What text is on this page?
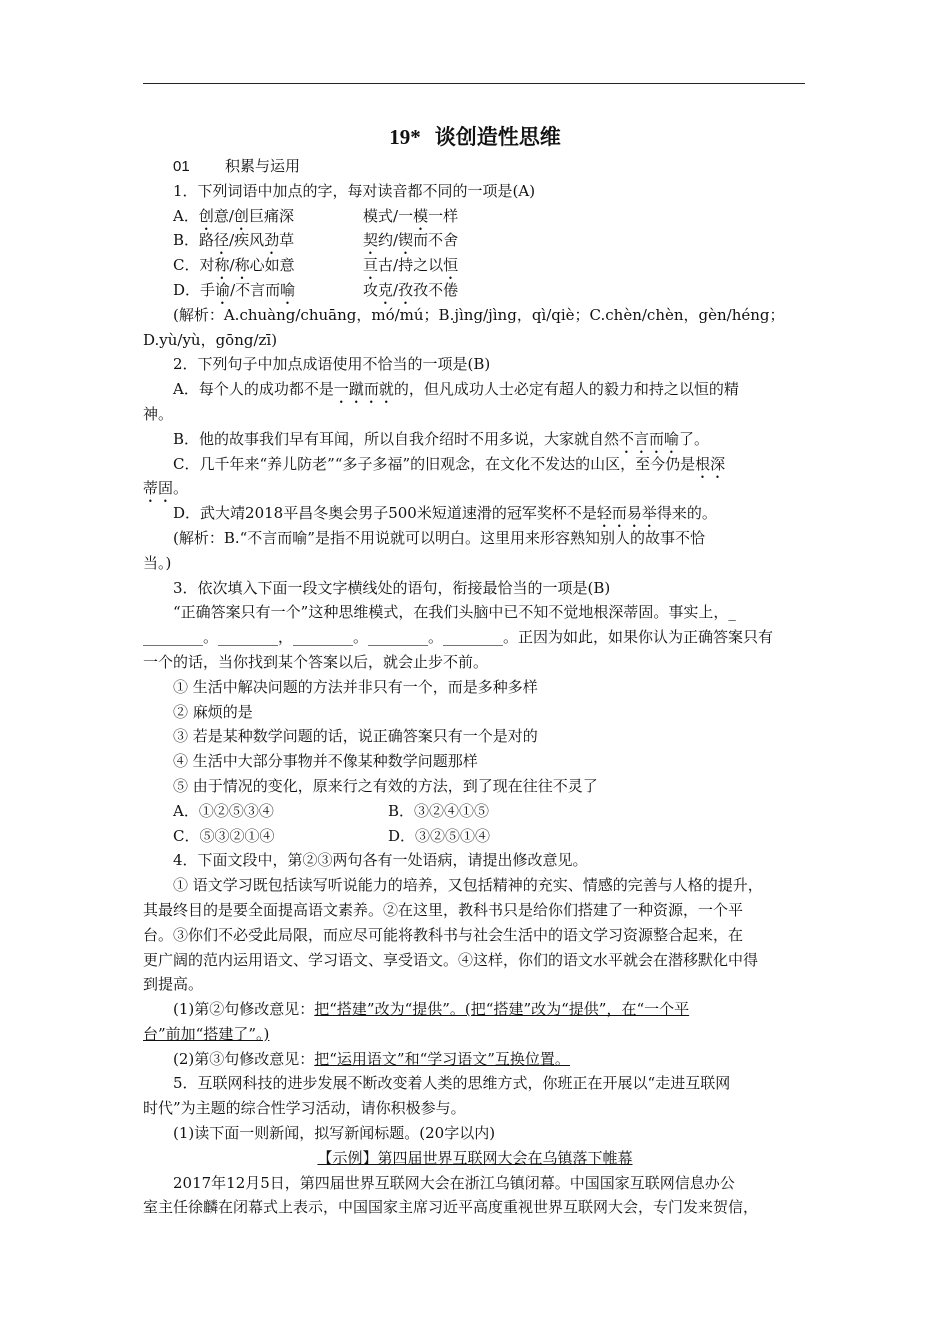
19* 谈创造性思维
01 积累与运用
1．下列词语中加点的字，每对读音都不同的一项是(A)
A．创意/创巨痛深	模式/一模一样
B．路径/疾风劲草	契约/锲而不舍
C．对称/称心如意	亘古/持之以恒
D．手谕/不言而喻	攻克/孜孜不倦
(解析：A.chuàng/chuāng，mó/mú；B.jìng/jìng，qì/qiè；C.chèn/chèn，gèn/héng；
D.yù/yù，gōng/zī)
2．下列句子中加点成语使用不恰当的一项是(B)
A．每个人的成功都不是一蹴而就的，但凡成功人士必定有超人的毅力和持之以恒的精
神。
B．他的故事我们早有耳闻，所以自我介绍时不用多说，大家就自然不言而喻了。
C．几千年来“养儿防老”“多子多福”的旧观念，在文化不发达的山区，至今仍是根深
蒂固。
D．武大靖2018平昌冬奥会男子500米短道速滑的冠军奖杯不是轻而易举得来的。
(解析：B.“不言而喻”是指不用说就可以明白。这里用来形容熟知别人的故事不恰
当。)
3．依次填入下面一段文字横线处的语句，衔接最恰当的一项是(B)
“正确答案只有一个”这种思维模式，在我们头脑中已不知不觉地根深蒂固。事实上，_
________。________，________。________。________。正因为如此，如果你认为正确答案只有
一个的话，当你找到某个答案以后，就会止步不前。
① 生活中解决问题的方法并非只有一个，而是多种多样
② 麻烦的是
③ 若是某种数学问题的话，说正确答案只有一个是对的
④ 生活中大部分事物并不像某种数学问题那样
⑤ 由于情况的变化，原来行之有效的方法，到了现在往往不灵了
A．①②⑤③④	B．③②④①⑤
C．⑤③②①④	D．③②⑤①④
4．下面文段中，第②③两句各有一处语病，请提出修改意见。
① 语文学习既包括读写听说能力的培养，又包括精神的充实、情感的完善与人格的提升，
其最终目的是要全面提高语文素养。②在这里，教科书只是给你们搭建了一种资源，一个平
台。③你们不必受此局限，而应尽可能将教科书与社会生活中的语文学习资源整合起来，在
更广阔的范内运用语文、学习语文、享受语文。④这样，你们的语文水平就会在潜移默化中得
到提高。
(1)第②句修改意见：把“搭建”改为“提供”。(把“搭建”改为“提供”，在“一个平
台”前加“搭建了”。)
(2)第③句修改意见：把“运用语文”和“学习语文”互换位置。
5．互联网科技的进步发展不断改变着人类的思维方式，你班正在开展以“走进互联网
时代”为主题的综合性学习活动，请你积极参与。
(1)读下面一则新闻，拟写新闻标题。(20字以内)
【示例】第四届世界互联网大会在乌镇落下帷幕
2017年12月5日，第四届世界互联网大会在浙江乌镇闭幕。中国国家互联网信息办公
室主任徐麟在闭幕式上表示，中国国家主席习近平高度重视世界互联网大会，专门发来贺信，
